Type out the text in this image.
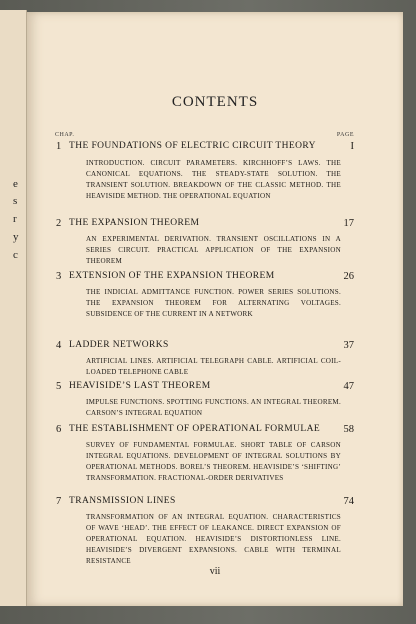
e
s
r
y
c
CONTENTS
CHAP.	PAGE
1 THE FOUNDATIONS OF ELECTRIC CIRCUIT THEORY	I
INTRODUCTION. CIRCUIT PARAMETERS. KIRCHHOFF’S LAWS. THE CANONICAL EQUATIONS. THE STEADY-STATE SOLUTION. THE TRANSIENT SOLUTION. BREAKDOWN OF THE CLASSIC METHOD. THE HEAVISIDE METHOD. THE OPERATIONAL EQUATION
2 THE EXPANSION THEOREM	17
AN EXPERIMENTAL DERIVATION. TRANSIENT OSCILLATIONS IN A SERIES CIRCUIT. PRACTICAL APPLICATION OF THE EXPANSION THEOREM
3 EXTENSION OF THE EXPANSION THEOREM	26
THE INDICIAL ADMITTANCE FUNCTION. POWER SERIES SOLUTIONS. THE EXPANSION THEOREM FOR ALTERNATING VOLTAGES. SUBSIDENCE OF THE CURRENT IN A NETWORK
4 LADDER NETWORKS	37
ARTIFICIAL LINES. ARTIFICIAL TELEGRAPH CABLE. ARTIFICIAL COIL-LOADED TELEPHONE CABLE
5 HEAVISIDE’S LAST THEOREM	47
IMPULSE FUNCTIONS. SPOTTING FUNCTIONS. AN INTEGRAL THEOREM. CARSON’S INTEGRAL EQUATION
6 THE ESTABLISHMENT OF OPERATIONAL FORMULAE 58
SURVEY OF FUNDAMENTAL FORMULAE. SHORT TABLE OF CARSON INTEGRAL EQUATIONS. DEVELOPMENT OF INTEGRAL SOLUTIONS BY OPERATIONAL METHODS. BOREL’S THEOREM. HEAVISIDE’S ‘SHIFTING’ TRANSFORMATION. FRACTIONAL-ORDER DERIVATIVES
7 TRANSMISSION LINES	74
TRANSFORMATION OF AN INTEGRAL EQUATION. CHARACTERISTICS OF WAVE ‘HEAD’. THE EFFECT OF LEAKANCE. DIRECT EXPANSION OF OPERATIONAL EQUATION. HEAVISIDE’S DISTORTIONLESS LINE. HEAVISIDE’S DIVERGENT EXPANSIONS. CABLE WITH TERMINAL RESISTANCE
vii
